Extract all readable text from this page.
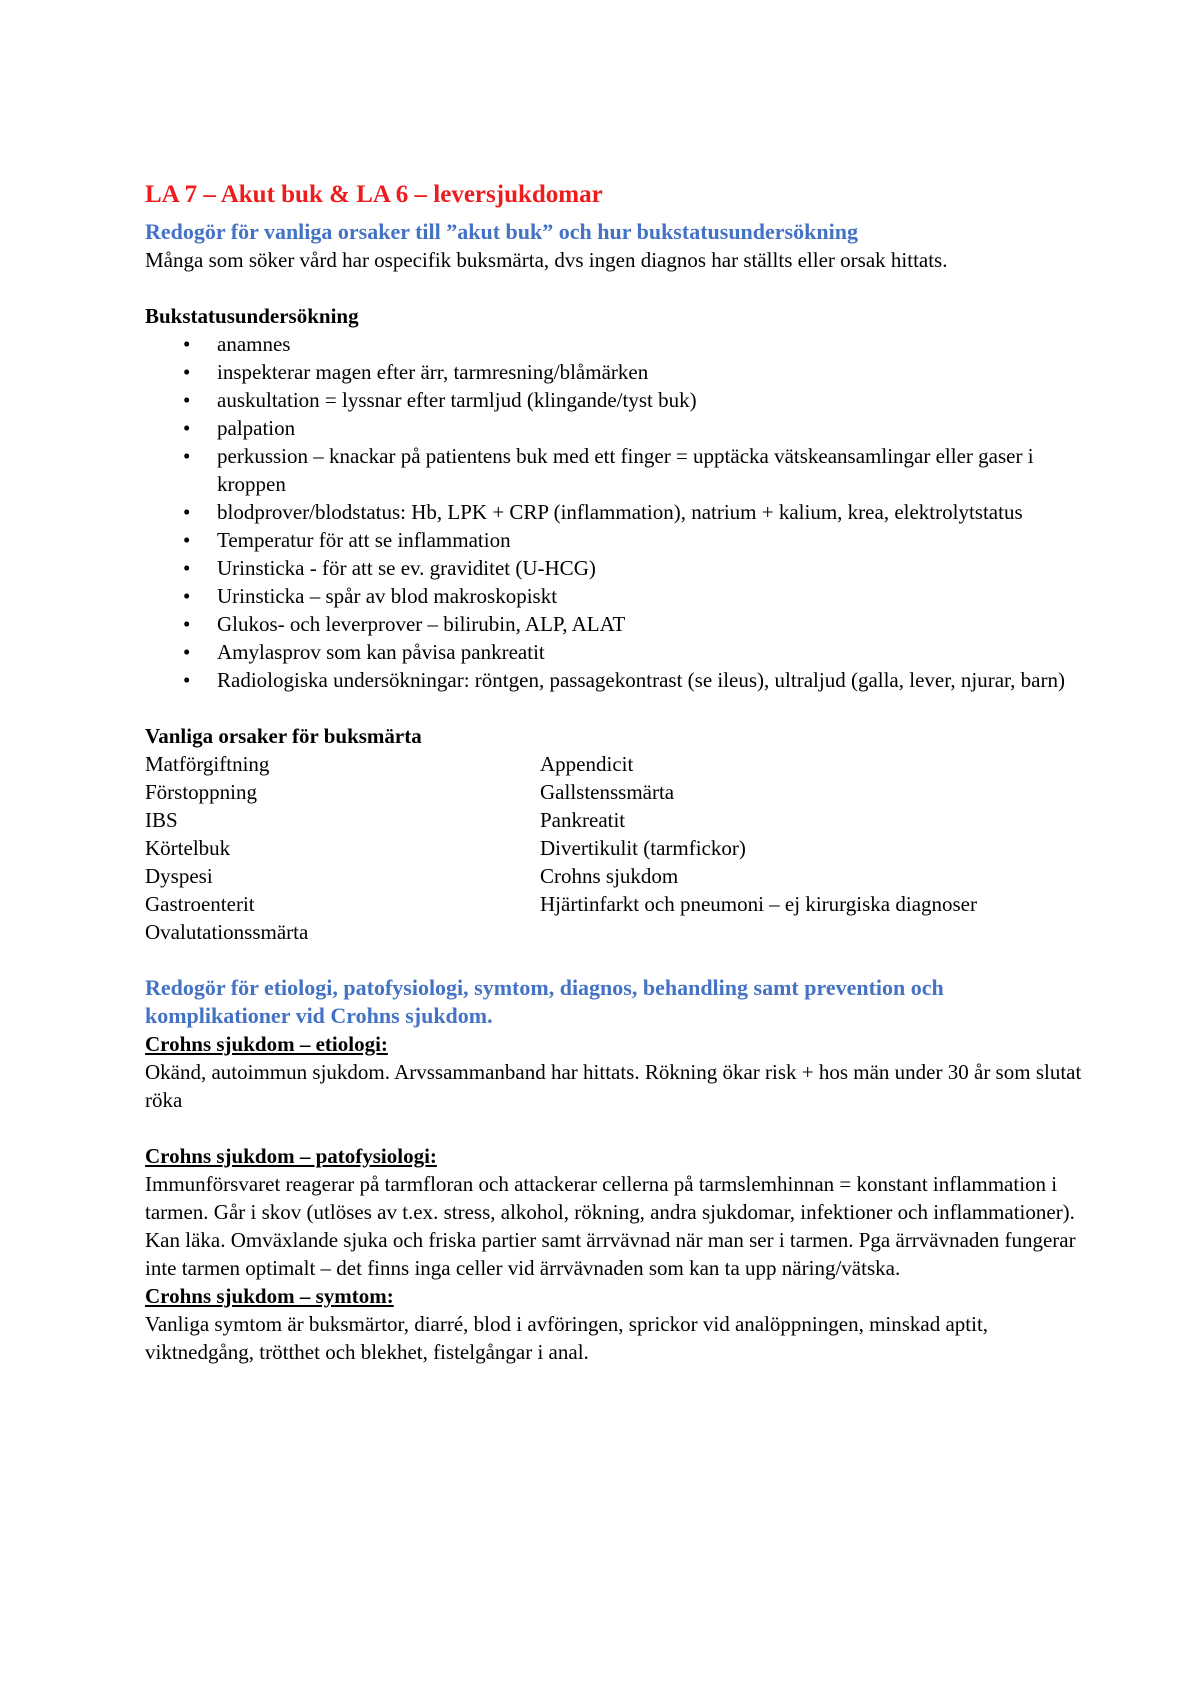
LA 7 – Akut buk & LA 6 – leversjukdomar
Redogör för vanliga orsaker till ”akut buk” och hur bukstatusundersökning

Många som söker vård har ospecifik buksmärta, dvs ingen diagnos har ställts eller orsak hittats.

Bukstatusundersökning

• anamnes
• inspekterar magen efter ärr, tarmresning/blåmärken
• auskultation = lyssnar efter tarmljud (klingande/tyst buk)
• palpation
• perkussion – knackar på patientens buk med ett finger = upptäcka vätskeansamlingar eller gaser i kroppen
• blodprover/blodstatus: Hb, LPK + CRP (inflammation), natrium + kalium, krea, elektrolytstatus
• Temperatur för att se inflammation
• Urinsticka - för att se ev. graviditet (U-HCG)
• Urinsticka – spår av blod makroskopiskt
• Glukos- och leverprover – bilirubin, ALP, ALAT
• Amylasprov som kan påvisa pankreatit
• Radiologiska undersökningar: röntgen, passagekontrast (se ileus), ultraljud (galla, lever, njurar, barn)

Vanliga orsaker för buksmärta

Matförgiftning	Appendicit
Förstoppning	Gallstenssmärta
IBS	Pankreatit
Körtelbuk	Divertikulit (tarmfickor)
Dyspesi	Crohns sjukdom
Gastroenterit	Hjärtinfarkt och pneumoni – ej kirurgiska diagnoser
Ovalutationssmärta
Redogör för etiologi, patofysiologi, symtom, diagnos, behandling samt prevention och komplikationer vid Crohns sjukdom.

Crohns sjukdom – etiologi:

Okänd, autoimmun sjukdom. Arvssammanband har hittats. Rökning ökar risk + hos män under 30 år som slutat röka

Crohns sjukdom – patofysiologi:

Immunförsvaret reagerar på tarmfloran och attackerar cellerna på tarmslemhinnan = konstant inflammation i tarmen. Går i skov (utlöses av t.ex. stress, alkohol, rökning, andra sjukdomar, infektioner och inflammationer). Kan läka. Omväxlande sjuka och friska partier samt ärrvävnad när man ser i tarmen. Pga ärrvävnaden fungerar inte tarmen optimalt – det finns inga celler vid ärrvävnaden som kan ta upp näring/vätska.

Crohns sjukdom – symtom:

Vanliga symtom är buksmärtor, diarré, blod i avföringen, sprickor vid analöppningen, minskad aptit, viktnedgång, trötthet och blekhet, fistelgångar i anal.
